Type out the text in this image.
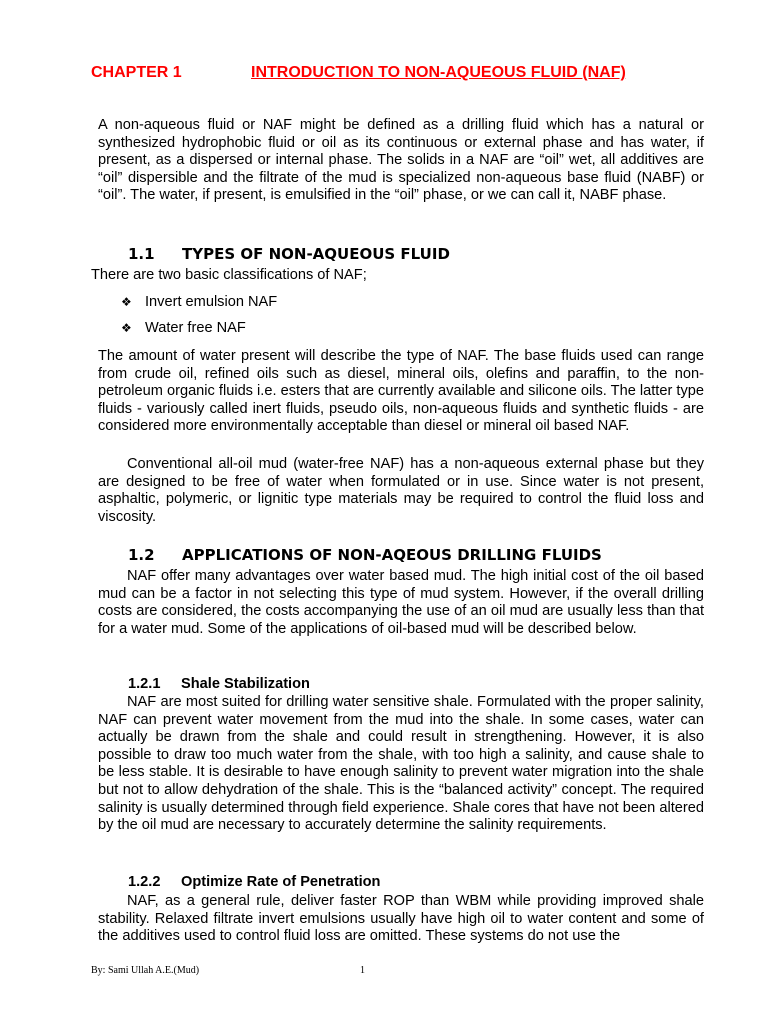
CHAPTER 1	INTRODUCTION TO NON-AQUEOUS FLUID (NAF)

A non-aqueous fluid or NAF might be defined as a drilling fluid which has a natural or synthesized hydrophobic fluid or oil as its continuous or external phase and has water, if present, as a dispersed or internal phase. The solids in a NAF are “oil” wet, all additives are “oil” dispersible and the filtrate of the mud is specialized non-aqueous base fluid (NABF) or “oil”. The water, if present, is emulsified in the “oil” phase, or we can call it, NABF phase.

1.1 TYPES OF NON-AQUEOUS FLUID
There are two basic classifications of NAF;
❖ Invert emulsion NAF
❖ Water free NAF

The amount of water present will describe the type of NAF. The base fluids used can range from crude oil, refined oils such as diesel, mineral oils, olefins and paraffin, to the non-petroleum organic fluids i.e. esters that are currently available and silicone oils. The latter type fluids - variously called inert fluids, pseudo oils, non-aqueous fluids and synthetic fluids - are considered more environmentally acceptable than diesel or mineral oil based NAF.

Conventional all-oil mud (water-free NAF) has a non-aqueous external phase but they are designed to be free of water when formulated or in use. Since water is not present, asphaltic, polymeric, or lignitic type materials may be required to control the fluid loss and viscosity.

1.2 APPLICATIONS OF NON-AQEOUS DRILLING FLUIDS

NAF offer many advantages over water based mud. The high initial cost of the oil based mud can be a factor in not selecting this type of mud system. However, if the overall drilling costs are considered, the costs accompanying the use of an oil mud are usually less than that for a water mud. Some of the applications of oil-based mud will be described below.

1.2.1 Shale Stabilization

NAF are most suited for drilling water sensitive shale. Formulated with the proper salinity, NAF can prevent water movement from the mud into the shale. In some cases, water can actually be drawn from the shale and could result in strengthening. However, it is also possible to draw too much water from the shale, with too high a salinity, and cause shale to be less stable. It is desirable to have enough salinity to prevent water migration into the shale but not to allow dehydration of the shale. This is the “balanced activity” concept. The required salinity is usually determined through field experience. Shale cores that have not been altered by the oil mud are necessary to accurately determine the salinity requirements.

1.2.2 Optimize Rate of Penetration

NAF, as a general rule, deliver faster ROP than WBM while providing improved shale stability. Relaxed filtrate invert emulsions usually have high oil to water content and some of the additives used to control fluid loss are omitted. These systems do not use the

By: Sami Ullah A.E.(Mud)	1
